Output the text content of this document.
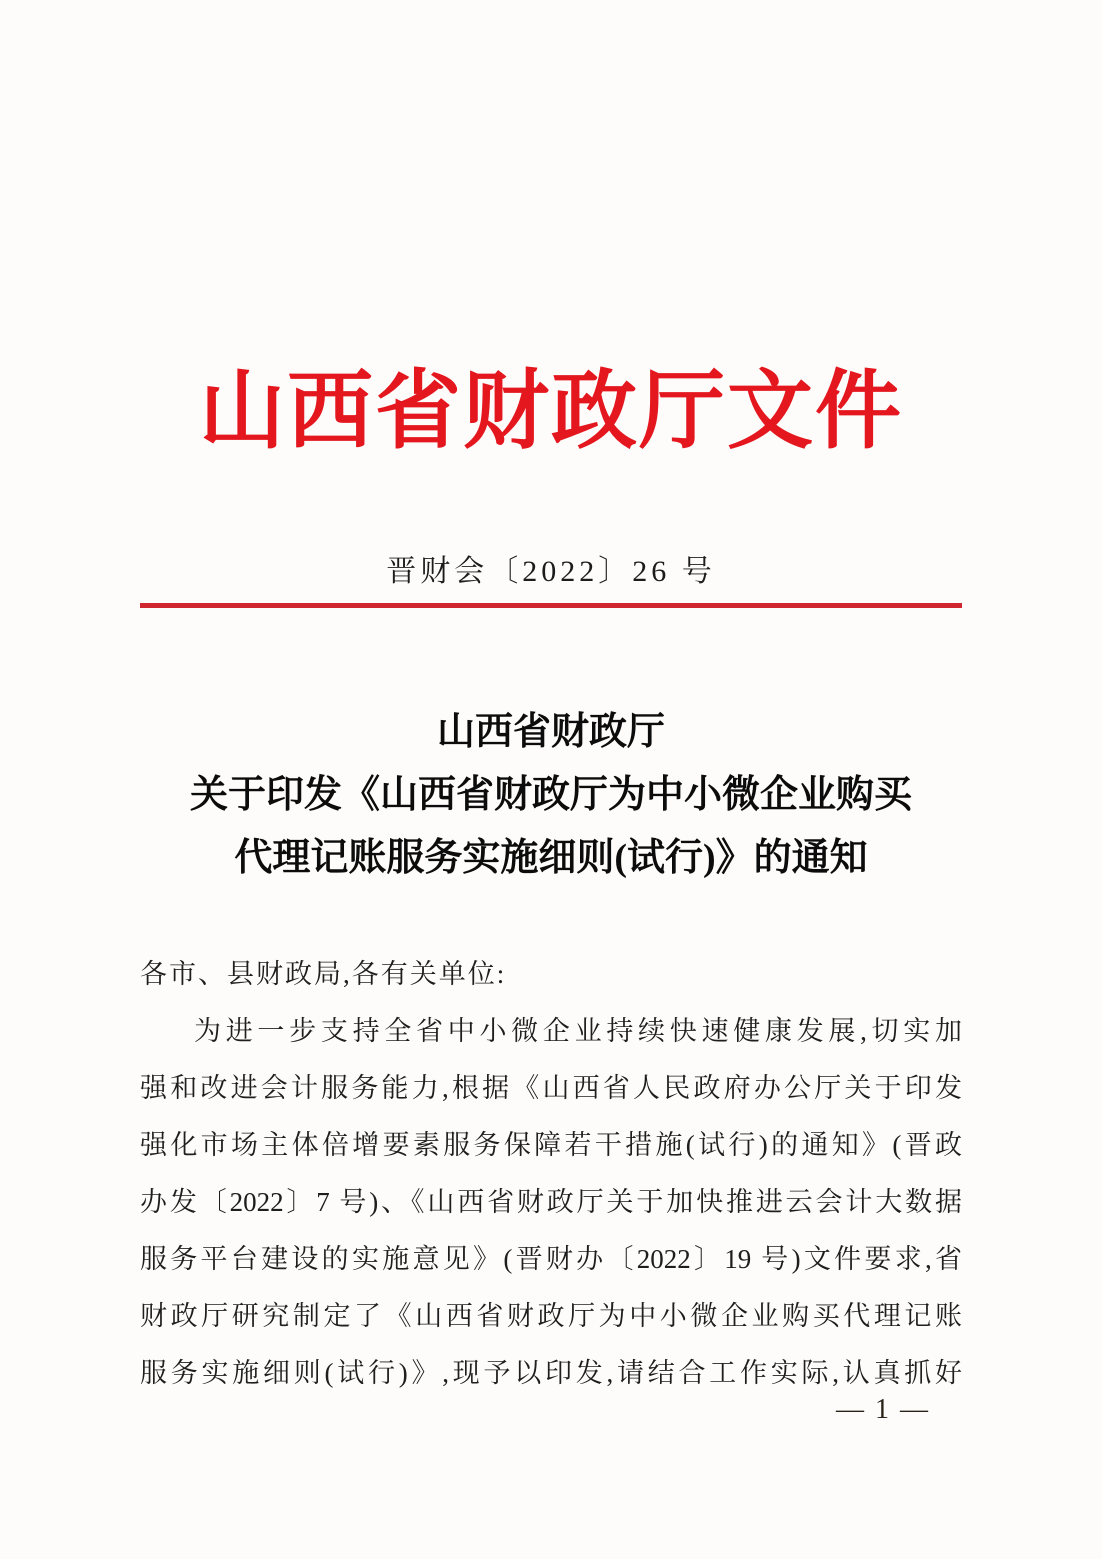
山西省财政厅文件
晋财会〔2022〕26 号
山西省财政厅
关于印发《山西省财政厅为中小微企业购买
代理记账服务实施细则(试行)》的通知
各市、县财政局,各有关单位:
为进一步支持全省中小微企业持续快速健康发展,切实加
强和改进会计服务能力,根据《山西省人民政府办公厅关于印发
强化市场主体倍增要素服务保障若干措施(试行)的通知》(晋政
办发〔2022〕7 号)、《山西省财政厅关于加快推进云会计大数据
服务平台建设的实施意见》(晋财办〔2022〕19 号)文件要求,省
财政厅研究制定了《山西省财政厅为中小微企业购买代理记账
服务实施细则(试行)》,现予以印发,请结合工作实际,认真抓好
— 1 —
